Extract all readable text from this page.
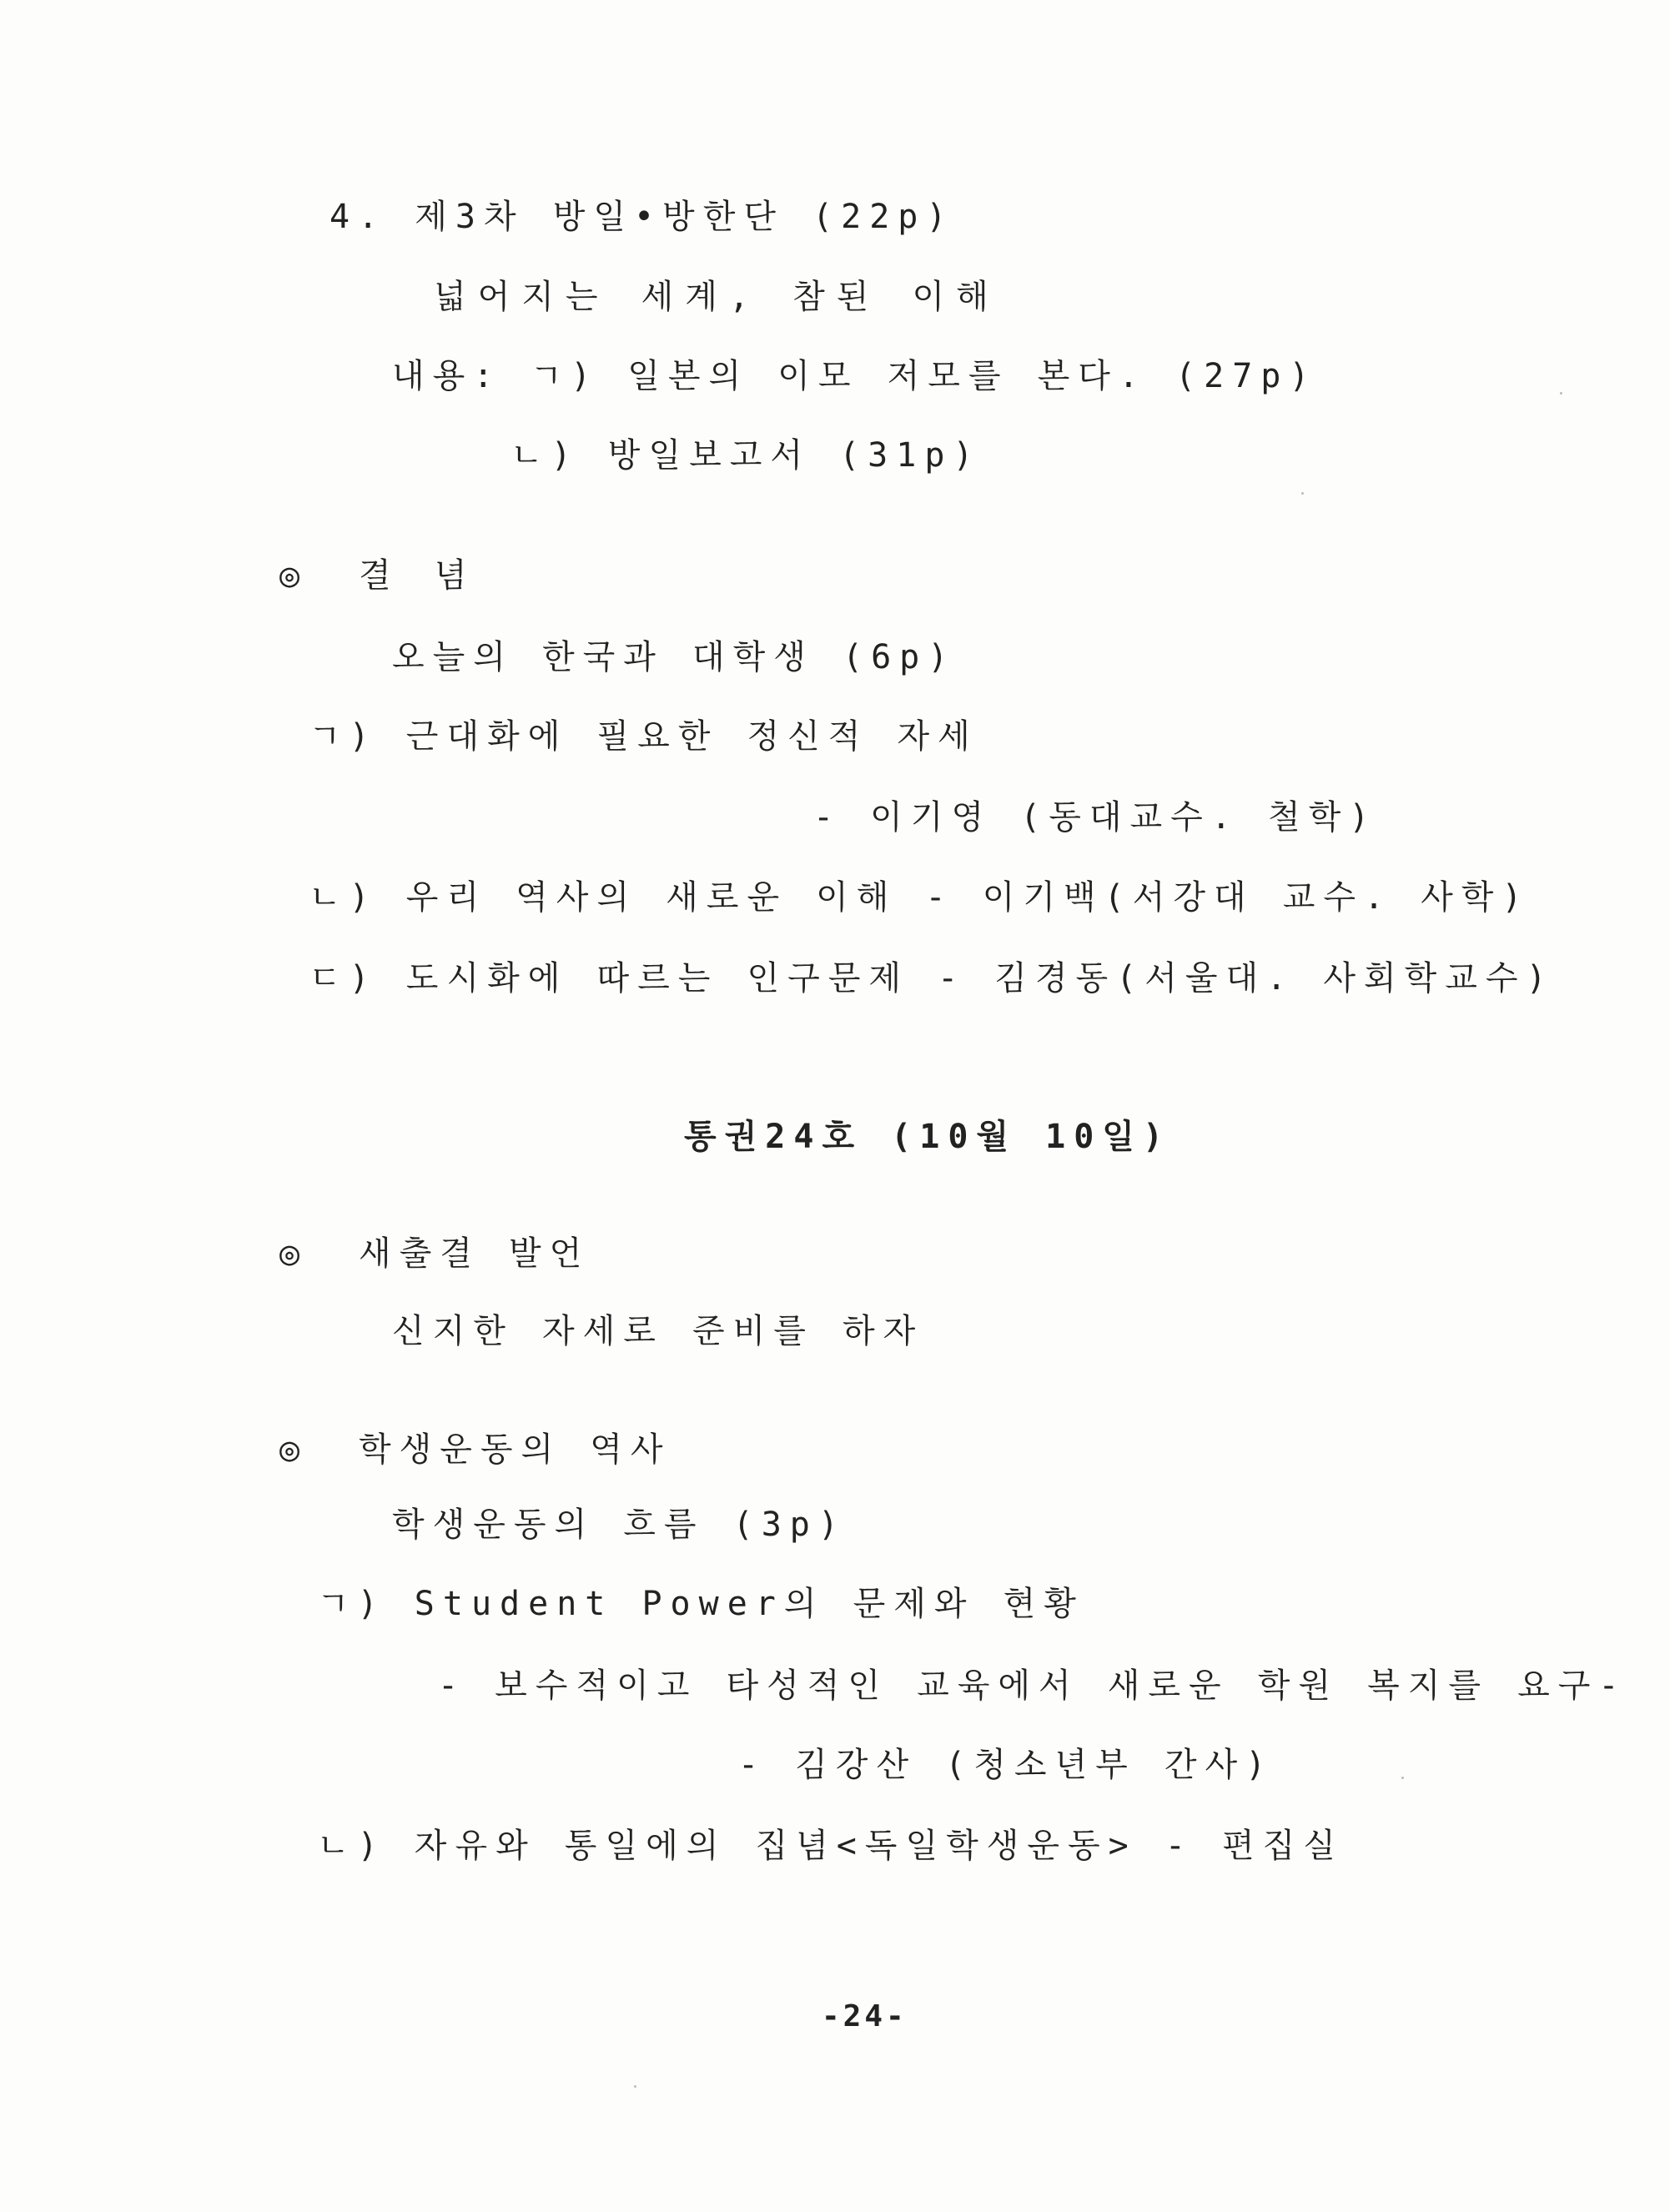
4. 제3차 방일•방한단 (22p)
넓어지는 세계, 참된 이해
내용: ㄱ) 일본의 이모 저모를 본다. (27p)
ㄴ) 방일보고서 (31p)
◎ 결 념
오늘의 한국과 대학생 (6p)
ㄱ) 근대화에 필요한 정신적 자세
- 이기영 (동대교수. 철학)
ㄴ) 우리 역사의 새로운 이해 - 이기백(서강대 교수. 사학)
ㄷ) 도시화에 따르는 인구문제 - 김경동(서울대. 사회학교수)
통권24호 (10월 10일)
◎ 새출결 발언
신지한 자세로 준비를 하자
◎ 학생운동의 역사
학생운동의 흐름 (3p)
ㄱ) Student Power의 문제와 현황
- 보수적이고 타성적인 교육에서 새로운 학원 복지를 요구-
- 김강산 (청소년부 간사)
ㄴ) 자유와 통일에의 집념<독일학생운동> - 편집실
-24-
